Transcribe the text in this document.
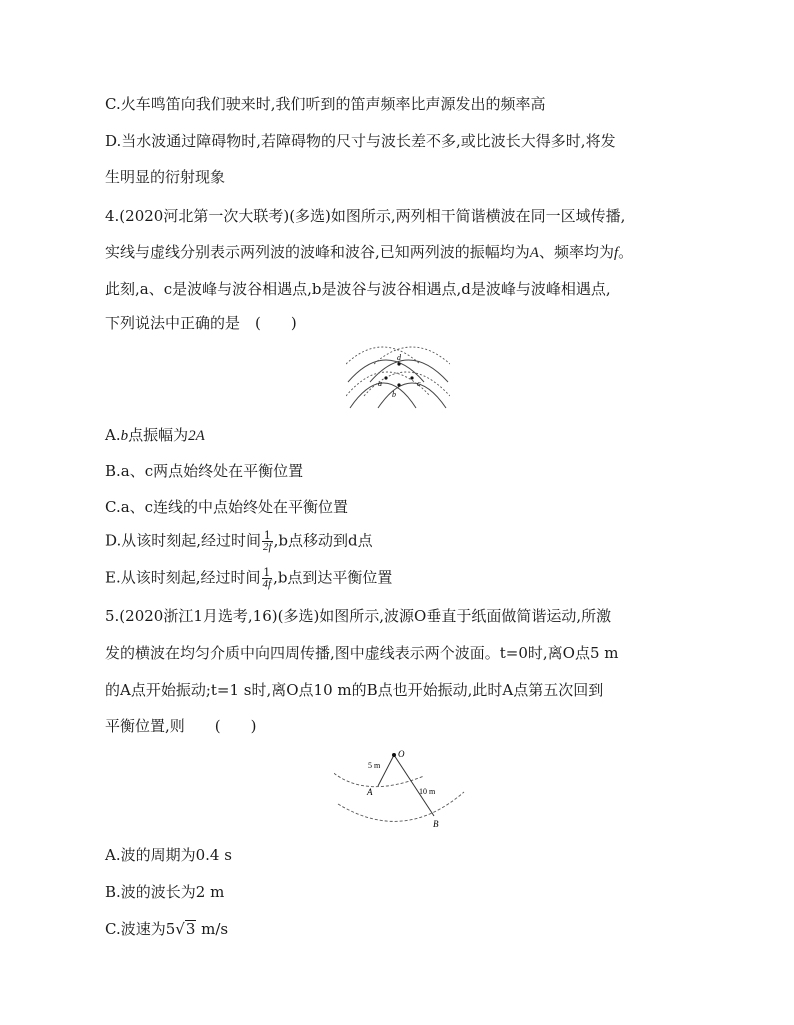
C.火车鸣笛向我们驶来时,我们听到的笛声频率比声源发出的频率高
D.当水波通过障碍物时,若障碍物的尺寸与波长差不多,或比波长大得多时,将发
生明显的衍射现象
4.(2020河北第一次大联考)(多选)如图所示,两列相干简谐横波在同一区域传播,
实线与虚线分别表示两列波的波峰和波谷,已知两列波的振幅均为A、频率均为f。
此刻,a、c是波峰与波谷相遇点,b是波谷与波谷相遇点,d是波峰与波峰相遇点,
下列说法中正确的是　(　　)
d
a	c
b
A.b点振幅为2A
B.a、c两点始终处在平衡位置
C.a、c连线的中点始终处在平衡位置
D.从该时刻起,经过时间 $\frac{1}{2f} ,b$点移动到d点
E.从该时刻起,经过时间 $\frac{1}{4f} ,b$点到达平衡位置
5.(2020浙江1月选考,16)(多选)如图所示,波源O垂直于纸面做简谐运动,所激
发的横波在均匀介质中向四周传播,图中虚线表示两个波面。t=0时,离O点5 m
的A点开始振动;t=1 s时,离O点10 m的B点也开始振动,此时A点第五次回到
平衡位置,则　　(　　)
O
A
B
5 m
10 m
A.波的周期为0.4 s
B.波的波长为2 m
C.波速为5√3 m/s
